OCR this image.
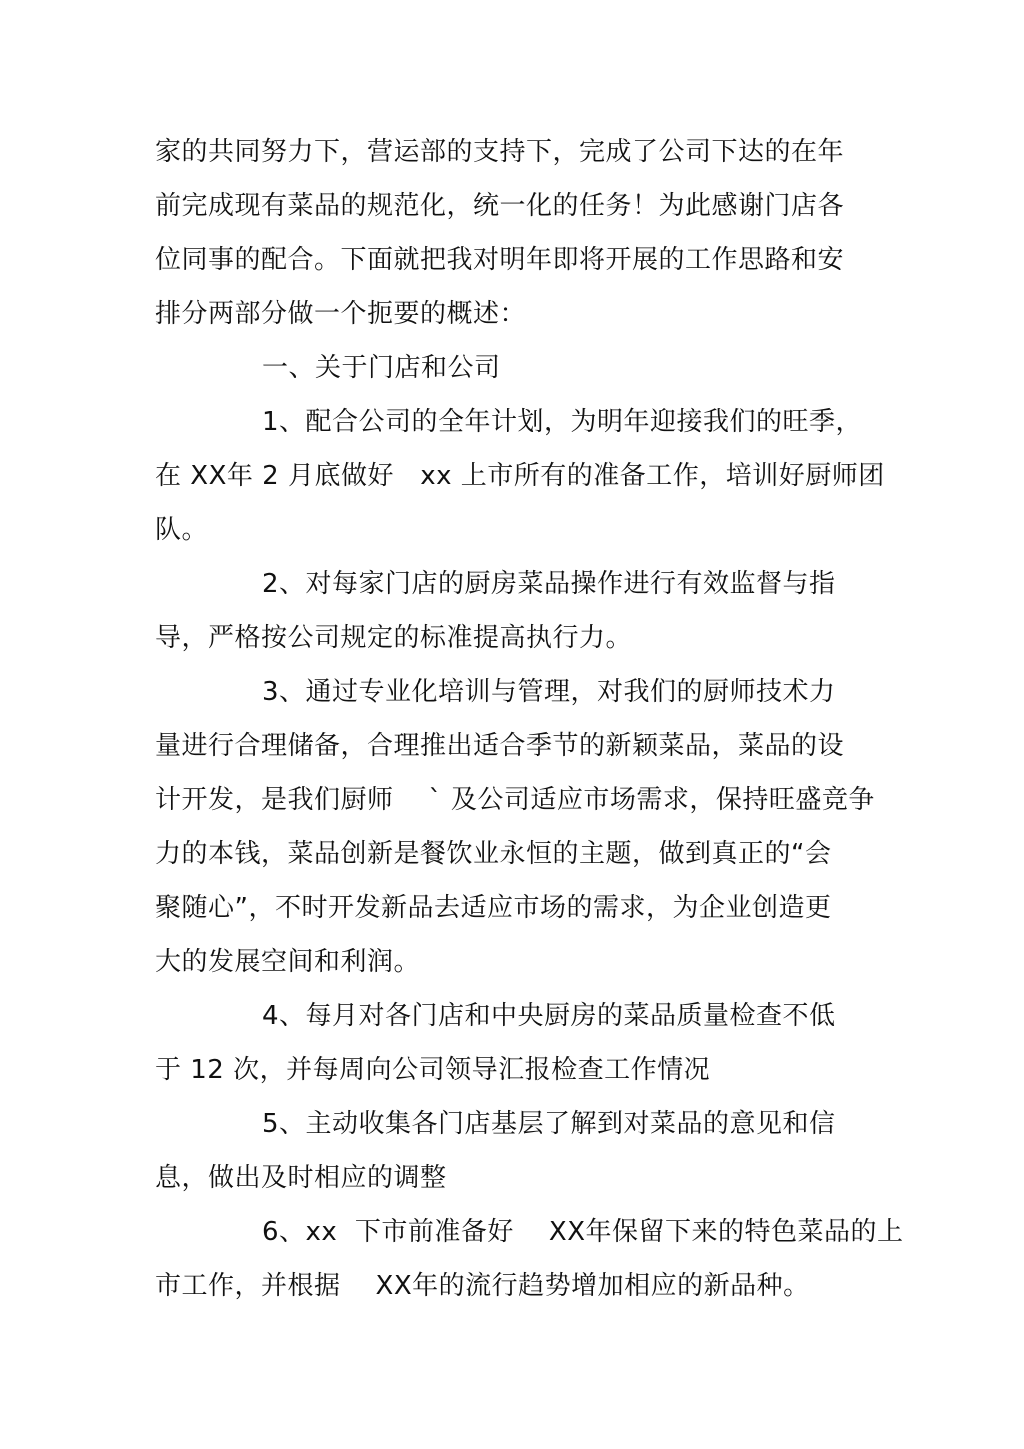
家的共同努力下，营运部的支持下，完成了公司下达的在年
前完成现有菜品的规范化，统一化的任务！为此感谢门店各
位同事的配合。下面就把我对明年即将开展的工作思路和安
排分两部分做一个扼要的概述：
一、关于门店和公司
1、配合公司的全年计划，为明年迎接我们的旺季，
在 XX年 2 月底做好   xx 上市所有的准备工作，培训好厨师团
队。
2、对每家门店的厨房菜品操作进行有效监督与指
导，严格按公司规定的标准提高执行力。
3、通过专业化培训与管理，对我们的厨师技术力
量进行合理储备，合理推出适合季节的新颖菜品，菜品的设
计开发，是我们厨师    ` 及公司适应市场需求，保持旺盛竞争
力的本钱，菜品创新是餐饮业永恒的主题，做到真正的“会
聚随心”，不时开发新品去适应市场的需求，为企业创造更
大的发展空间和利润。
4、每月对各门店和中央厨房的菜品质量检查不低
于 12 次，并每周向公司领导汇报检查工作情况
5、主动收集各门店基层了解到对菜品的意见和信
息，做出及时相应的调整
6、xx  下市前准备好    XX年保留下来的特色菜品的上
市工作，并根据    XX年的流行趋势增加相应的新品种。
